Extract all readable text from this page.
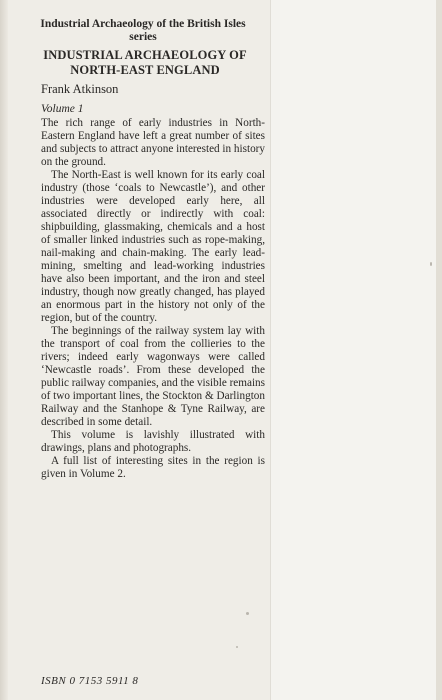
Industrial Archaeology of the British Isles series

INDUSTRIAL ARCHAEOLOGY OF NORTH-EAST ENGLAND

Frank Atkinson

Volume 1

The rich range of early industries in North-Eastern England have left a great number of sites and subjects to attract anyone interested in history on the ground.

The North-East is well known for its early coal industry (those ‘coals to Newcastle’), and other industries were developed early here, all associated directly or indirectly with coal: shipbuilding, glassmaking, chemicals and a host of smaller linked industries such as rope-making, nail-making and chain-making. The early lead-mining, smelting and lead-working industries have also been important, and the iron and steel industry, though now greatly changed, has played an enormous part in the history not only of the region, but of the country.

The beginnings of the railway system lay with the transport of coal from the collieries to the rivers; indeed early wagonways were called ‘Newcastle roads’. From these developed the public railway companies, and the visible remains of two important lines, the Stockton & Darlington Railway and the Stanhope & Tyne Railway, are described in some detail.

This volume is lavishly illustrated with drawings, plans and photographs.

A full list of interesting sites in the region is given in Volume 2.

ISBN 0 7153 5911 8
